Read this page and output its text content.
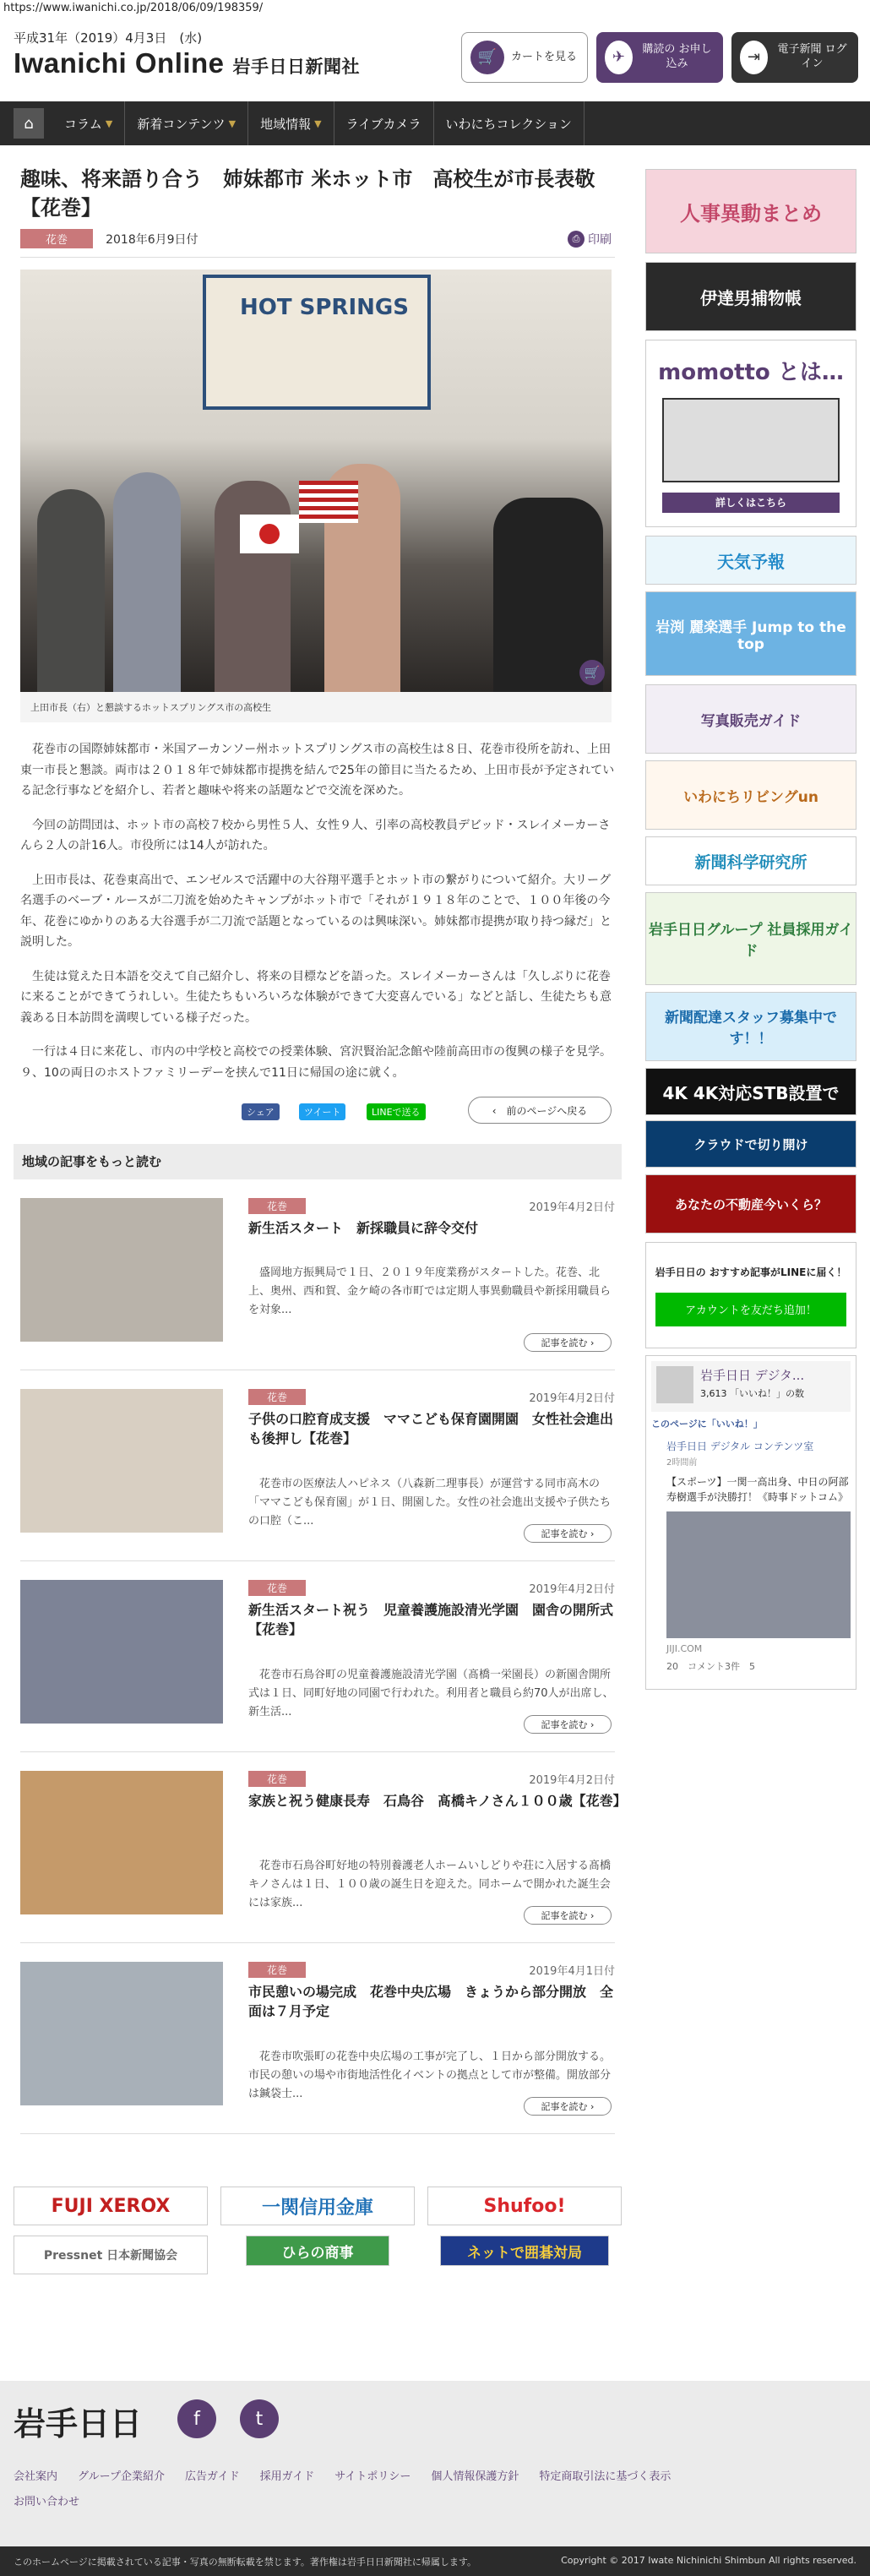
https://www.iwanichi.co.jp/2018/06/09/198359/
平成31年（2019）4月3日　(水)
Iwanichi Online 岩手日日新聞社
🛒	カートを見る	✈	購読の お申し込み	⇥	電子新聞 ログイン
⌂	コラム ▼ 新着コンテンツ ▼ 地域情報 ▼ ライブカメラ いわにちコレクション
趣味、将来語り合う　姉妹都市 米ホット市　高校生が市長表敬【花巻】
花巻	2018年6月9日付	⎙ 印刷
HOT SPRINGS
🛒
上田市長（右）と懇談するホットスプリングス市の高校生

花巻市の国際姉妹都市・米国アーカンソー州ホットスプリングス市の高校生は８日、花巻市役所を訪れ、上田東一市長と懇談。両市は２０１８年で姉妹都市提携を結んで25年の節目に当たるため、上田市長が予定されている記念行事などを紹介し、若者と趣味や将来の話題などで交流を深めた。

今回の訪問団は、ホット市の高校７校から男性５人、女性９人、引率の高校教員デビッド・スレイメーカーさんら２人の計16人。市役所には14人が訪れた。

上田市長は、花巻東高出で、エンゼルスで活躍中の大谷翔平選手とホット市の繋がりについて紹介。大リーグ名選手のベーブ・ルースが二刀流を始めたキャンプがホット市で「それが１９１８年のことで、１００年後の今年、花巻にゆかりのある大谷選手が二刀流で話題となっているのは興味深い。姉妹都市提携が取り持つ縁だ」と説明した。

生徒は覚えた日本語を交えて自己紹介し、将来の目標などを語った。スレイメーカーさんは「久しぶりに花巻に来ることができてうれしい。生徒たちもいろいろな体験ができて大変喜んでいる」などと話し、生徒たちも意義ある日本訪問を満喫している様子だった。

一行は４日に来花し、市内の中学校と高校での授業体験、宮沢賢治記念館や陸前高田市の復興の様子を見学。９、10の両日のホストファミリーデーを挟んで11日に帰国の途に就く。

シェア	ツイート	LINEで送る	‹　 前のページへ戻る
地域の記事をもっと読む
花巻	2019年4月2日付
新生活スタート　新採職員に辞令交付
盛岡地方振興局で１日、２０１９年度業務がスタートした。花巻、北上、奥州、西和賀、金ケ崎の各市町では定期人事異動職員や新採用職員らを対象...
記事を読む ›
花巻	2019年4月2日付
子供の口腔育成支援　ママこども保育園開園　女性社会進出も後押し【花巻】
花巻市の医療法人ハピネス（八森新二理事長）が運営する同市高木の「ママこども保育園」が１日、開園した。女性の社会進出支援や子供たちの口腔（こ...
記事を読む ›
花巻	2019年4月2日付
新生活スタート祝う　児童養護施設清光学園　園舎の開所式【花巻】
花巻市石鳥谷町の児童養護施設清光学園（髙橋一栄園長）の新園舎開所式は１日、同町好地の同園で行われた。利用者と職員ら約70人が出席し、新生活...
記事を読む ›
花巻	2019年4月2日付
家族と祝う健康長寿　石鳥谷　髙橋キノさん１００歳【花巻】
花巻市石鳥谷町好地の特別養護老人ホームいしどりや荘に入居する髙橋キノさんは１日、１００歳の誕生日を迎えた。同ホームで開かれた誕生会には家族...
記事を読む ›
花巻	2019年4月1日付
市民憩いの場完成　花巻中央広場　きょうから部分開放　全面は７月予定
花巻市吹張町の花巻中央広場の工事が完了し、１日から部分開放する。市民の憩いの場や市街地活性化イベントの拠点として市が整備。開放部分は鍼袋士...
記事を読む ›
FUJI XEROX	一関信用金庫	Shufoo!
Pressnet 日本新聞協会	ひらの商事	ネットで囲碁対局
人事異動まとめ
伊達男捕物帳
momotto とは…
詳しくはこちら
天気予報
岩渕 麗楽選手 Jump to the top
写真販売ガイド
いわにちリビングun
新聞科学研究所
岩手日日グループ 社員採用ガイド
新聞配達スタッフ募集中です！！
4K 4K対応STB設置で
クラウドで切り開け
あなたの不動産今いくら？
岩手日日の おすすめ記事がLINEに届く！
アカウントを友だち追加！
岩手日日 デジタ...
3,613 「いいね！」の数
このページに「いいね！」
岩手日日 デジタル コンテンツ室
2時間前
【スポーツ】一関一高出身、中日の阿部寿樹選手が決勝打！《時事ドットコム》
JIJI.COM
20　コメント3件　5
岩手日日	f	t
会社案内 グループ企業紹介 広告ガイド 採用ガイド サイトポリシー 個人情報保護方針 特定商取引法に基づく表示
お問い合わせ
このホームページに掲載されている記事・写真の無断転載を禁じます。著作権は岩手日日新聞社に帰属します。	Copyright © 2017 Iwate Nichinichi Shimbun All rights reserved.
